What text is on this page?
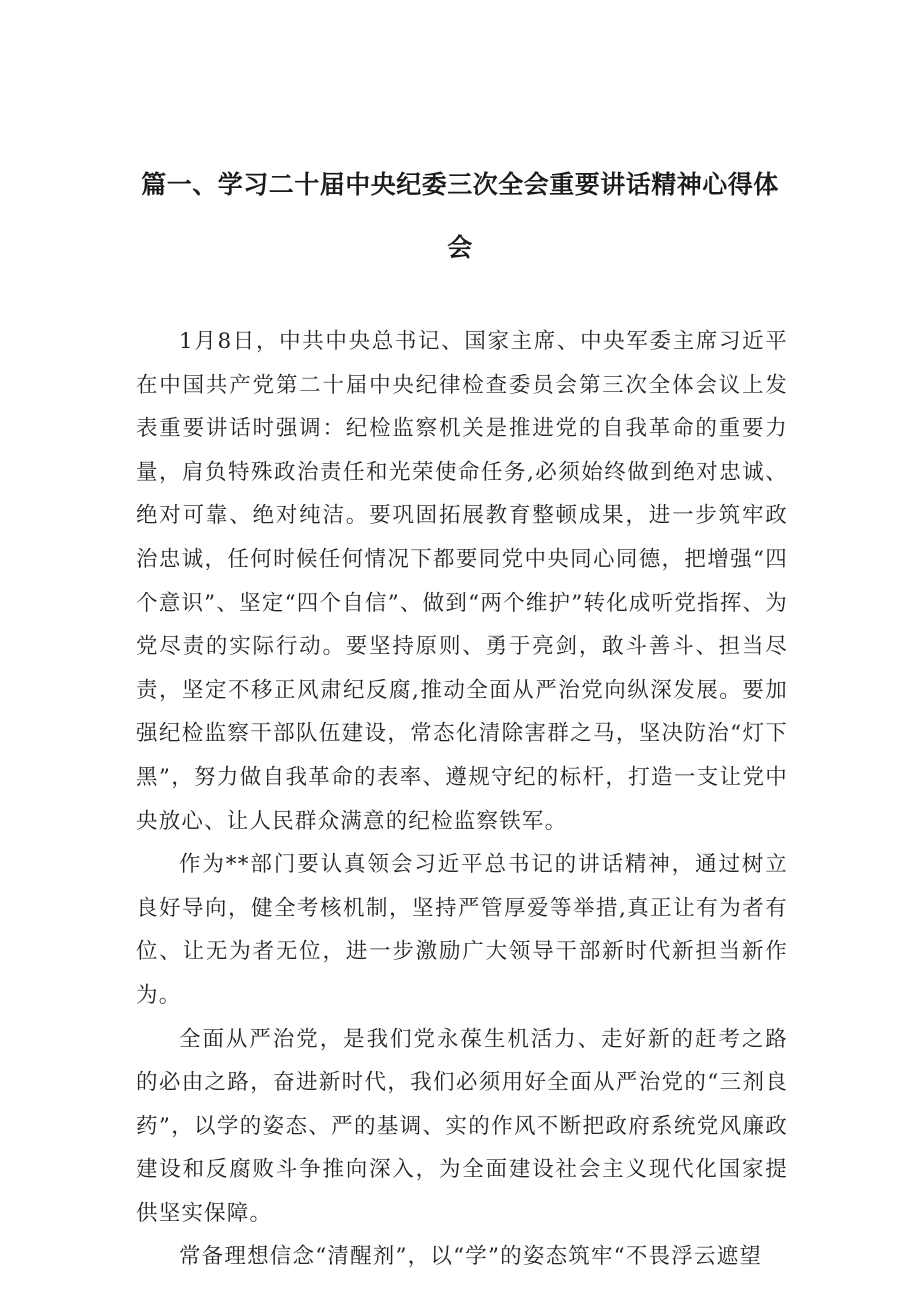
篇一、学习二十届中央纪委三次全会重要讲话精神心得体
会

1月8日，中共中央总书记、国家主席、中央军委主席习近平在中国共产党第二十届中央纪律检查委员会第三次全体会议上发表重要讲话时强调：纪检监察机关是推进党的自我革命的重要力量，肩负特殊政治责任和光荣使命任务,必须始终做到绝对忠诚、绝对可靠、绝对纯洁。要巩固拓展教育整顿成果，进一步筑牢政治忠诚，任何时候任何情况下都要同党中央同心同德，把增强“四个意识”、坚定“四个自信”、做到“两个维护”转化成听党指挥、为党尽责的实际行动。要坚持原则、勇于亮剑，敢斗善斗、担当尽责，坚定不移正风肃纪反腐,推动全面从严治党向纵深发展。要加强纪检监察干部队伍建设，常态化清除害群之马，坚决防治“灯下黑”，努力做自我革命的表率、遵规守纪的标杆，打造一支让党中央放心、让人民群众满意的纪检监察铁军。

作为**部门要认真领会习近平总书记的讲话精神，通过树立良好导向，健全考核机制，坚持严管厚爱等举措,真正让有为者有位、让无为者无位，进一步激励广大领导干部新时代新担当新作为。

全面从严治党，是我们党永葆生机活力、走好新的赶考之路的必由之路，奋进新时代，我们必须用好全面从严治党的“三剂良药”，以学的姿态、严的基调、实的作风不断把政府系统党风廉政建设和反腐败斗争推向深入，为全面建设社会主义现代化国家提供坚实保障。

常备理想信念“清醒剂”，以“学”的姿态筑牢“不畏浮云遮望
